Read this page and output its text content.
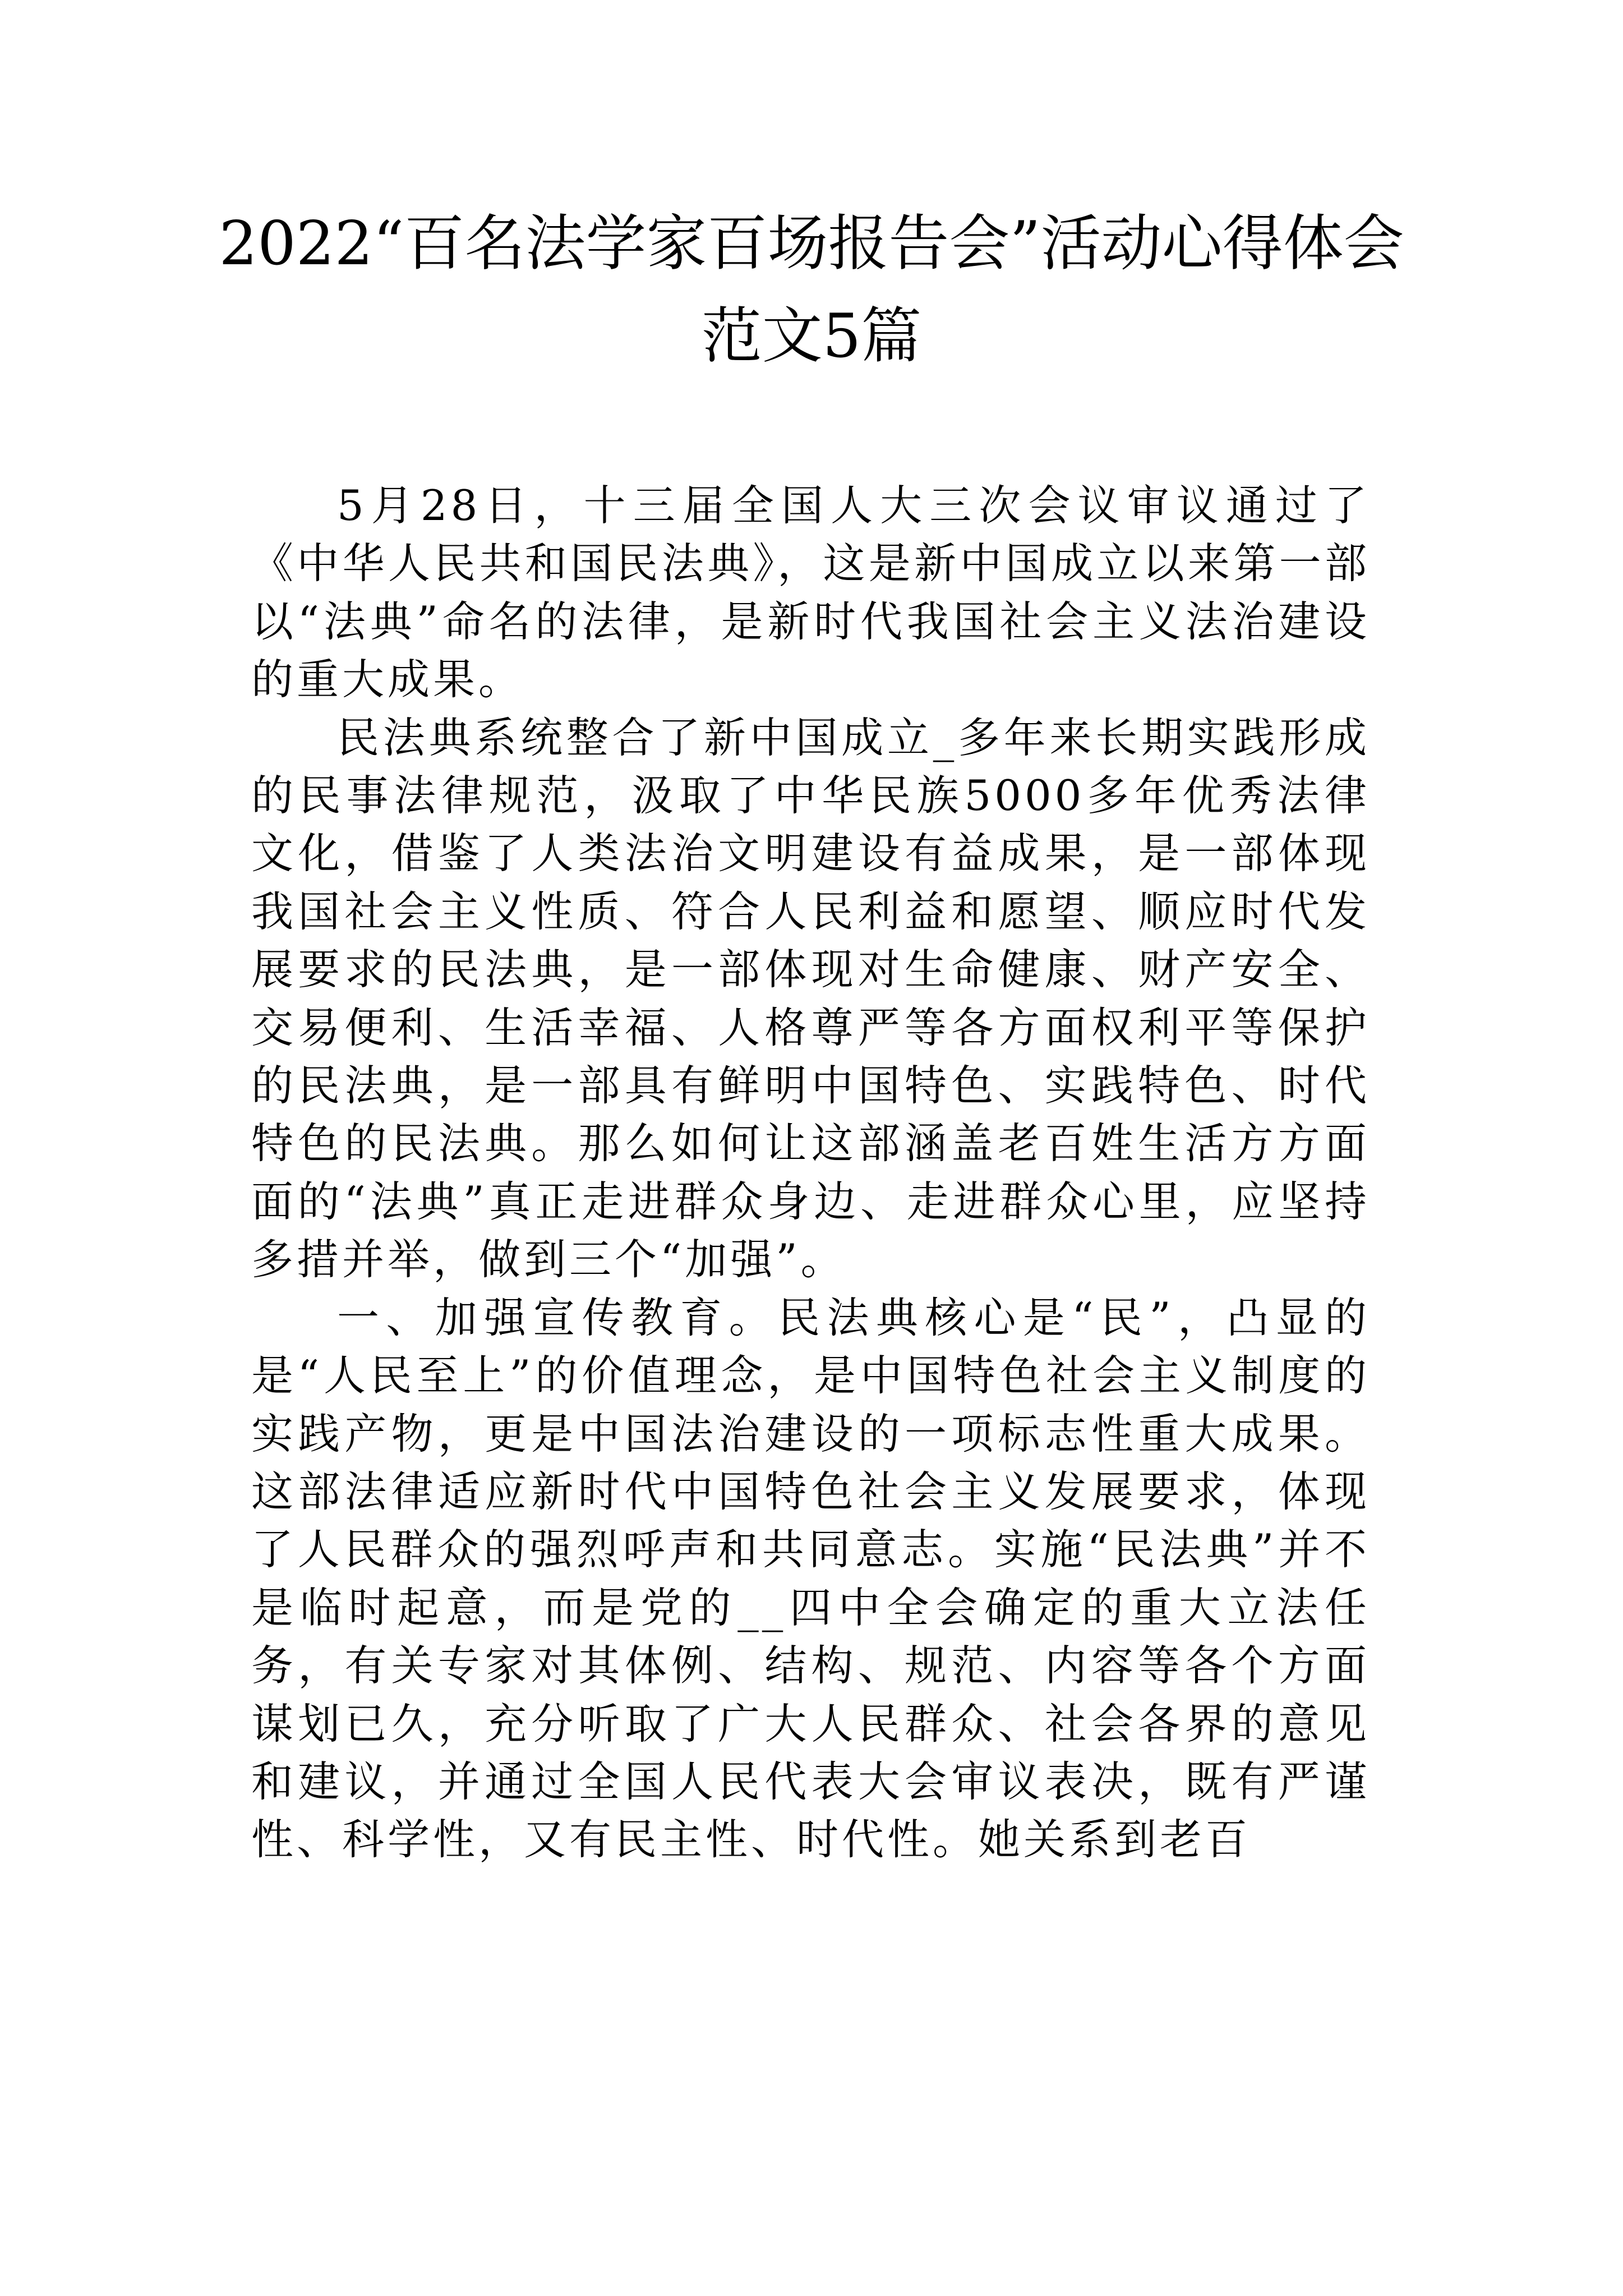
2022“百名法学家百场报告会”活动心得体会范文5篇

5月28日，十三届全国人大三次会议审议通过了《中华人民共和国民法典》，这是新中国成立以来第一部以“法典”命名的法律，是新时代我国社会主义法治建设的重大成果。

民法典系统整合了新中国成立_多年来长期实践形成的民事法律规范，汲取了中华民族5000多年优秀法律文化，借鉴了人类法治文明建设有益成果，是一部体现我国社会主义性质、符合人民利益和愿望、顺应时代发展要求的民法典，是一部体现对生命健康、财产安全、交易便利、生活幸福、人格尊严等各方面权利平等保护的民法典，是一部具有鲜明中国特色、实践特色、时代特色的民法典。那么如何让这部涵盖老百姓生活方方面面的“法典”真正走进群众身边、走进群众心里，应坚持多措并举，做到三个“加强”。

一、加强宣传教育。民法典核心是“民”，凸显的是“人民至上”的价值理念，是中国特色社会主义制度的实践产物，更是中国法治建设的一项标志性重大成果。这部法律适应新时代中国特色社会主义发展要求，体现了人民群众的强烈呼声和共同意志。实施“民法典”并不是临时起意，而是党的__四中全会确定的重大立法任务，有关专家对其体例、结构、规范、内容等各个方面谋划已久，充分听取了广大人民群众、社会各界的意见和建议，并通过全国人民代表大会审议表决，既有严谨性、科学性，又有民主性、时代性。她关系到老百
